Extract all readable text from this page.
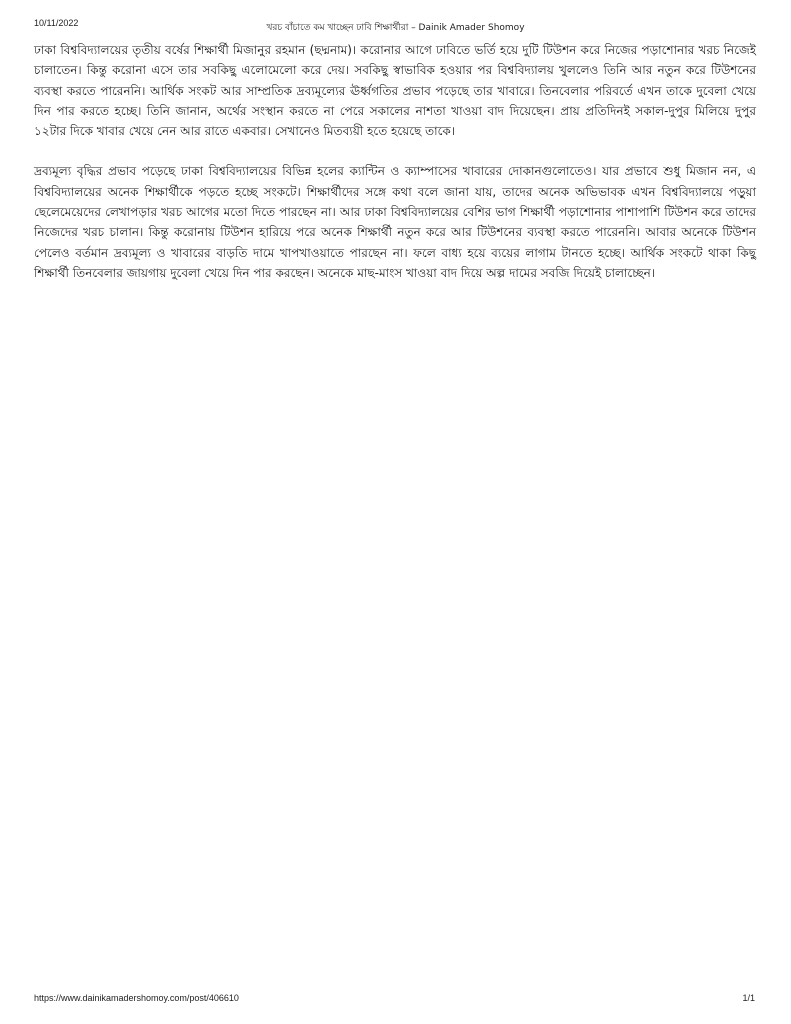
10/11/2022	খরচ বাঁচাতে কম খাচ্ছেন ঢাবি শিক্ষার্থীরা – Dainik Amader Shomoy

ঢাকা বিশ্ববিদ্যালয়ের তৃতীয় বর্ষের শিক্ষার্থী মিজানুর রহমান (ছদ্মনাম)। করোনার আগে ঢাবিতে ভর্তি হয়ে দুটি টিউশন করে নিজের পড়াশোনার খরচ নিজেই চালাতেন। কিন্তু করোনা এসে তার সবকিছু এলোমেলো করে দেয়। সবকিছু স্বাভাবিক হওয়ার পর বিশ্ববিদ্যালয় খুললেও তিনি আর নতুন করে টিউশনের ব্যবস্থা করতে পারেননি। আর্থিক সংকট আর সাম্প্রতিক দ্রব্যমূল্যের ঊর্ধ্বগতির প্রভাব পড়েছে তার খাবারে। তিনবেলার পরিবর্তে এখন তাকে দুবেলা খেয়ে দিন পার করতে হচ্ছে। তিনি জানান, অর্থের সংস্থান করতে না পেরে সকালের নাশতা খাওয়া বাদ দিয়েছেন। প্রায় প্রতিদিনই সকাল-দুপুর মিলিয়ে দুপুর ১২টার দিকে খাবার খেয়ে নেন আর রাতে একবার। সেখানেও মিতব্যয়ী হতে হয়েছে তাকে।

দ্রব্যমূল্য বৃদ্ধির প্রভাব পড়েছে ঢাকা বিশ্ববিদ্যালয়ের বিভিন্ন হলের ক্যান্টিন ও ক্যাম্পাসের খাবারের দোকানগুলোতেও। যার প্রভাবে শুধু মিজান নন, এ বিশ্ববিদ্যালয়ের অনেক শিক্ষার্থীকে পড়তে হচ্ছে সংকটে। শিক্ষার্থীদের সঙ্গে কথা বলে জানা যায়, তাদের অনেক অভিভাবক এখন বিশ্ববিদ্যালয়ে পড়ুয়া ছেলেমেয়েদের লেখাপড়ার খরচ আগের মতো দিতে পারছেন না। আর ঢাকা বিশ্ববিদ্যালয়ের বেশির ভাগ শিক্ষার্থী পড়াশোনার পাশাপাশি টিউশন করে তাদের নিজেদের খরচ চালান। কিন্তু করোনায় টিউশন হারিয়ে পরে অনেক শিক্ষার্থী নতুন করে আর টিউশনের ব্যবস্থা করতে পারেননি। আবার অনেকে টিউশন পেলেও বর্তমান দ্রব্যমূল্য ও খাবারের বাড়তি দামে খাপখাওয়াতে পারছেন না। ফলে বাধ্য হয়ে ব্যয়ের লাগাম টানতে হচ্ছে। আর্থিক সংকটে থাকা কিছু শিক্ষার্থী তিনবেলার জায়গায় দুবেলা খেয়ে দিন পার করছেন। অনেকে মাছ-মাংস খাওয়া বাদ দিয়ে অল্প দামের সবজি দিয়েই চালাচ্ছেন।

https://www.dainikamadershomoy.com/post/406610	1/1
